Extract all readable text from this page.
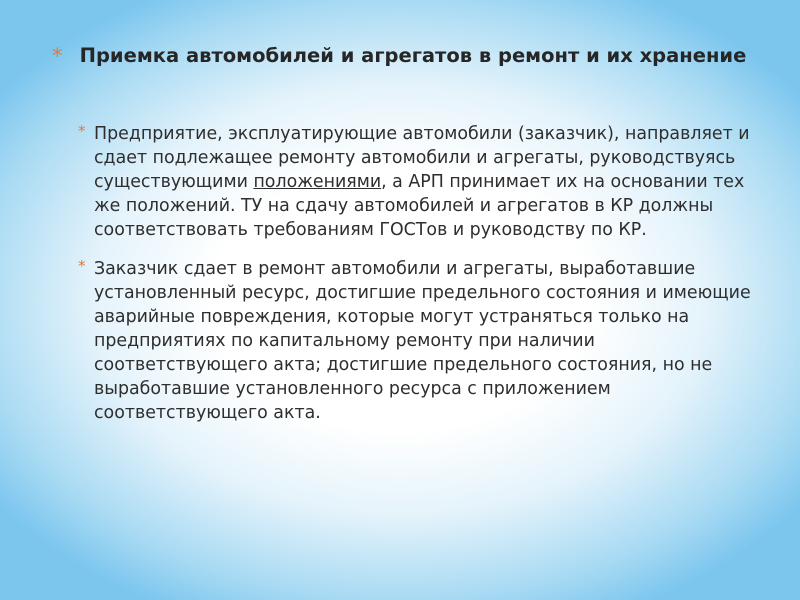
* Приемка автомобилей и агрегатов в ремонт и их хранение
* Предприятие, эксплуатирующие автомобили (заказчик), направляет и сдает подлежащее ремонту автомобили и агрегаты, руководствуясь существующими положениями, а АРП принимает их на основании тех же положений. ТУ на сдачу автомобилей и агрегатов в КР должны соответствовать требованиям ГОСТов и руководству по КР.
* Заказчик сдает в ремонт автомобили и агрегаты, выработавшие установленный ресурс, достигшие предельного состояния и имеющие аварийные повреждения, которые могут устраняться только на предприятиях по капитальному ремонту при наличии соответствующего акта; достигшие предельного состояния, но не выработавшие установленного ресурса с приложением соответствующего акта.
